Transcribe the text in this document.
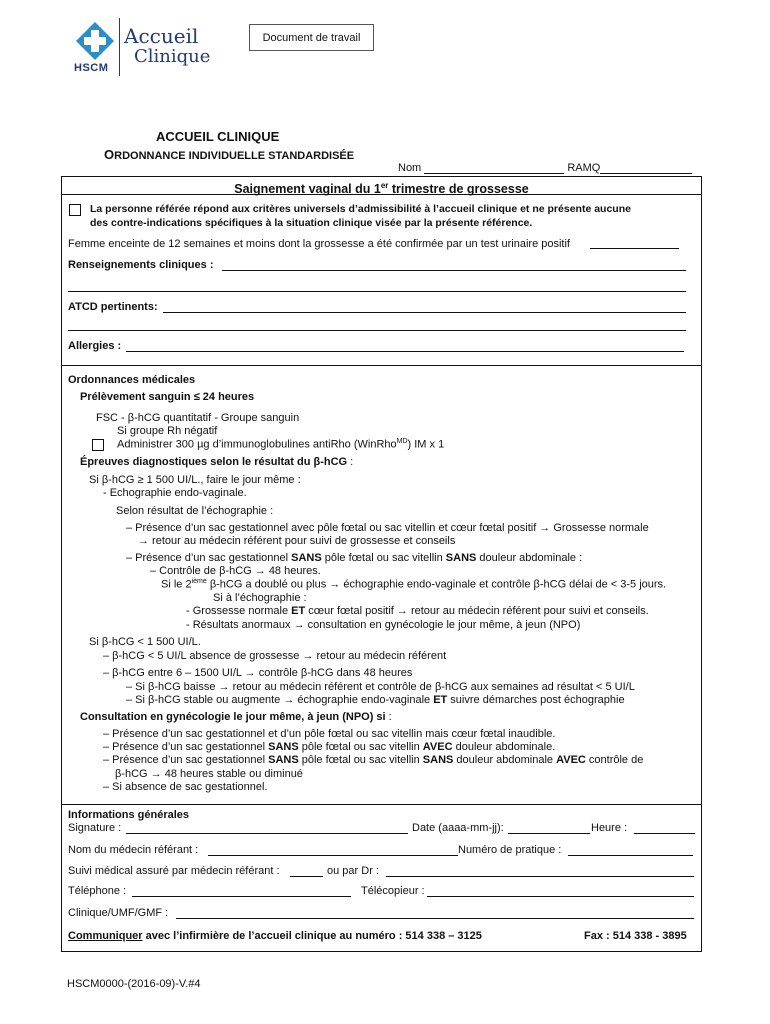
HSCM
Accueil
Clinique
Document de travail
ACCUEIL CLINIQUE
ORDONNANCE INDIVIDUELLE STANDARDISÉE
Nom	RAMQ
Saignement vaginal du 1er trimestre de grossesse
La personne référée répond aux critères universels d’admissibilité à l’accueil clinique et ne présente aucune
des contre-indications spécifiques à la situation clinique visée par la présente référence.
Femme enceinte de 12 semaines et moins dont la grossesse a été confirmée par un test urinaire positif
Renseignements cliniques :
ATCD pertinents:
Allergies :
Ordonnances médicales
Prélèvement sanguin ≤ 24 heures
FSC - β-hCG quantitatif - Groupe sanguin
Si groupe Rh négatif
Administrer 300 µg d’immunoglobulines antiRho (WinRho$^{MD}$) IM x 1
Épreuves diagnostiques selon le résultat du β-hCG :
Si β-hCG ≥ 1 500 UI/L., faire le jour même :
- Echographie endo-vaginale.
Selon résultat de l’échographie :
– Présence d’un sac gestationnel avec pôle fœtal ou sac vitellin et cœur fœtal positif → Grossesse normale
→ retour au médecin référent pour suivi de grossesse et conseils
– Présence d’un sac gestationnel SANS pôle fœtal ou sac vitellin SANS douleur abdominale :
– Contrôle de β-hCG → 48 heures.
Si le 2ième β-hCG a doublé ou plus → échographie endo-vaginale et contrôle β-hCG délai de < 3-5 jours.
Si à l’échographie :
- Grossesse normale ET cœur fœtal positif → retour au médecin référent pour suivi et conseils.
- Résultats anormaux → consultation en gynécologie le jour même, à jeun (NPO)
Si β-hCG < 1 500 UI/L.
– β-hCG < 5 UI/L absence de grossesse → retour au médecin référent
– β-hCG entre 6 – 1500 UI/L → contrôle β-hCG dans 48 heures
– Si β-hCG baisse → retour au médecin référent et contrôle de β-hCG aux semaines ad résultat < 5 UI/L
– Si β-hCG stable ou augmente → échographie endo-vaginale ET suivre démarches post échographie
Consultation en gynécologie le jour même, à jeun (NPO) si :
– Présence d’un sac gestationnel et d’un pôle fœtal ou sac vitellin mais cœur fœtal inaudible.
– Présence d’un sac gestationnel SANS pôle fœtal ou sac vitellin AVEC douleur abdominale.
– Présence d’un sac gestationnel SANS pôle fœtal ou sac vitellin SANS douleur abdominale AVEC contrôle de
β-hCG → 48 heures stable ou diminué
– Si absence de sac gestationnel.
Informations générales
Signature :	Date (aaaa-mm-jj):	Heure :
Nom du médecin référant :	Numéro de pratique :
Suivi médical assuré par médecin référant :	ou par Dr :
Téléphone :	Télécopieur :
Clinique/UMF/GMF :
Communiquer avec l’infirmière de l’accueil clinique au numéro : 514 338 – 3125	Fax : 514 338 - 3895
HSCM0000-(2016-09)-V.#4
